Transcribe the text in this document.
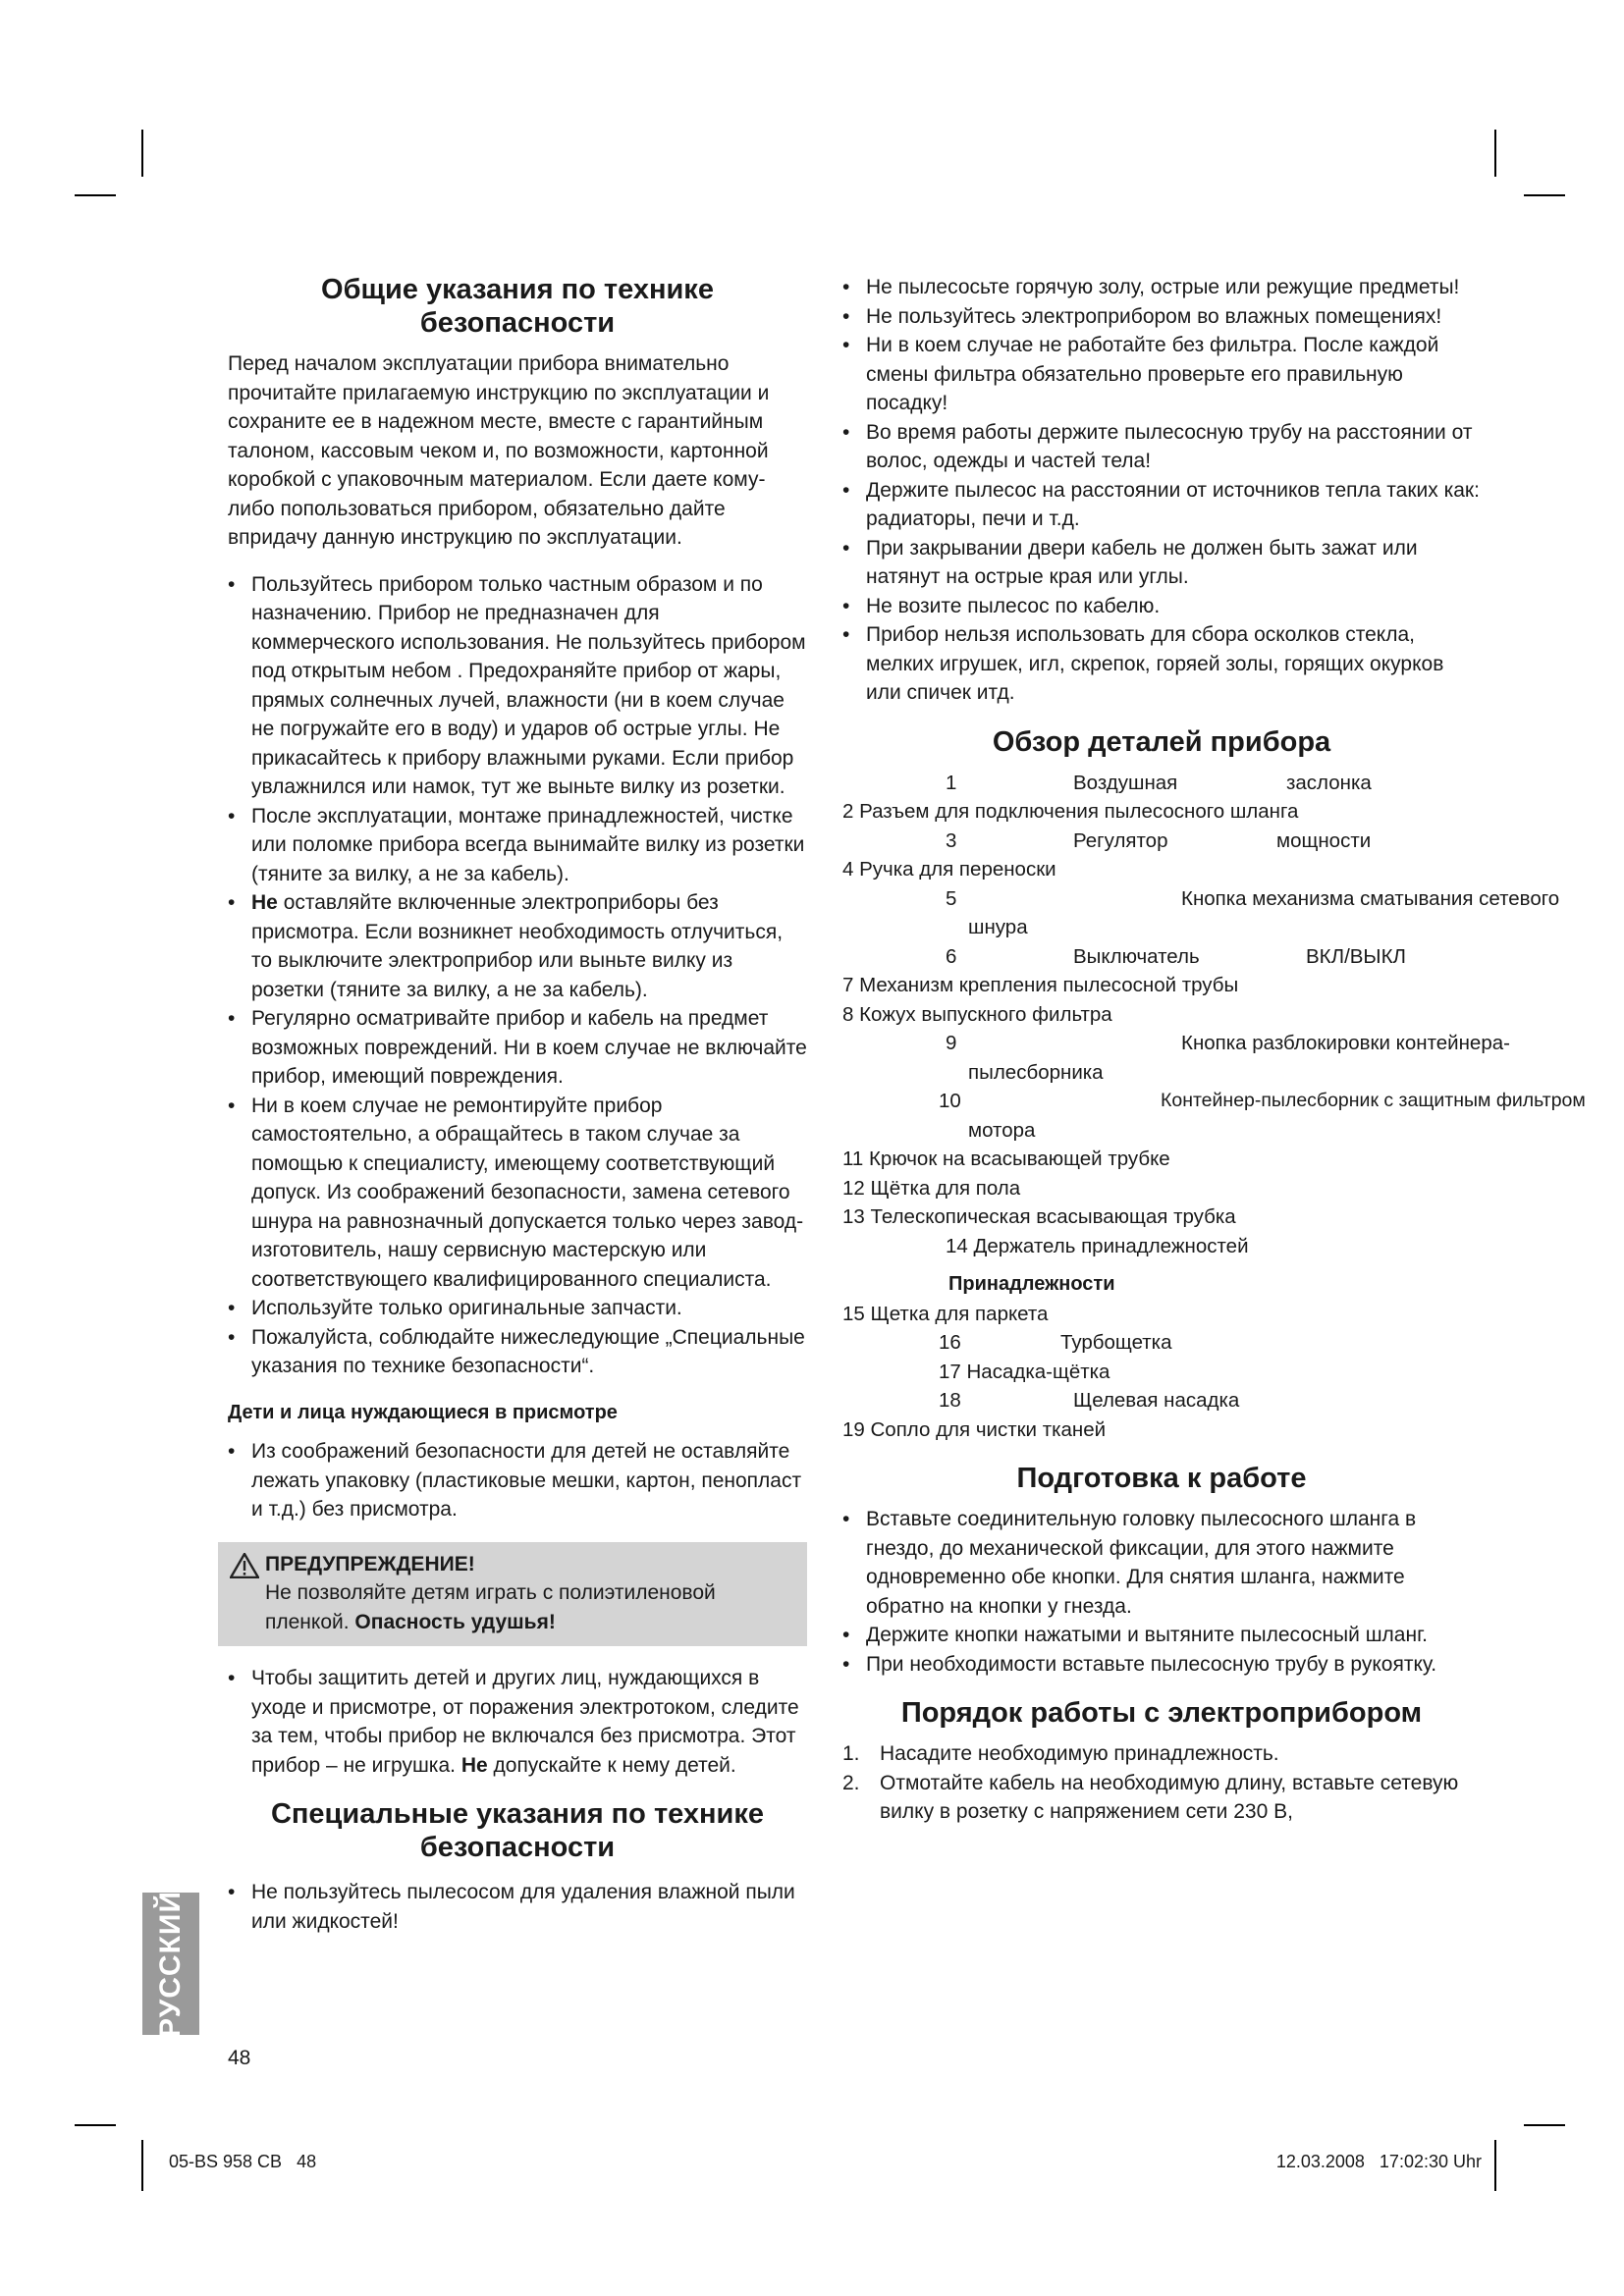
Общие указания по технике безопасности

Перед началом эксплуатации прибора внимательно прочитайте прилагаемую инструкцию по эксплуатации и сохраните ее в надежном месте, вместе с гарантийным талоном, кассовым чеком и, по возможности, картонной коробкой с упаковочным материалом. Если даете кому-либо попользоваться прибором, обязательно дайте впридачу данную инструкцию по эксплуатации.

• Пользуйтесь прибором только частным образом и по назначению. Прибор не предназначен для коммерческого использования. Не пользуйтесь прибором под открытым небом . Предохраняйте прибор от жары, прямых солнечных лучей, влажности (ни в коем случае не погружайте его в воду) и ударов об острые углы. Не прикасайтесь к прибору влажными руками. Если прибор увлажнился или намок, тут же выньте вилку из розетки.
• После эксплуатации, монтаже принадлежностей, чистке или поломке прибора всегда вынимайте вилку из розетки (тяните за вилку, а не за кабель).
• Не оставляйте включенные электроприборы без присмотра. Если возникнет необходимость отлучиться, то выключите электроприбор или выньте вилку из розетки (тяните за вилку, а не за кабель).
• Регулярно осматривайте прибор и кабель на предмет возможных повреждений. Ни в коем случае не включайте прибор, имеющий повреждения.
• Ни в коем случае не ремонтируйте прибор самостоятельно, а обращайтесь в таком случае за помощью к специалисту, имеющему соответствующий допуск. Из соображений безопасности, замена сетевого шнура на равнозначный допускается только через завод-изготовитель, нашу сервисную мастерскую или соответствующего квалифицированного специалиста.
• Используйте только оригинальные запчасти.
• Пожалуйста, соблюдайте нижеследующие „Специальные указания по технике безопасности“.
Дети и лица нуждающиеся в присмотре
• Из соображений безопасности для детей не оставляйте лежать упаковку (пластиковые мешки, картон, пенопласт и т.д.) без присмотра.
ПРЕДУПРЕЖДЕНИЕ!

Не позволяйте детям играть с полиэтиленовой пленкой. Опасность удушья!

• Чтобы защитить детей и других лиц, нуждающихся в уходе и присмотре, от поражения электротоком, следите за тем, чтобы прибор не включался без присмотра. Этот прибор – не игрушка. Не допускайте к нему детей.
Специальные указания по технике
безопасности
• Не пользуйтесь пылесосом для удаления влажной пыли или жидкостей!
• Не пылесосьте горячую золу, острые или режущие предметы!
• Не пользуйтесь электроприбором во влажных помещениях!
• Ни в коем случае не работайте без фильтра. После каждой смены фильтра обязательно проверьте его правильную посадку!
• Во время работы держите пылесосную трубу на расстоянии от волос, одежды и частей тела!
• Держите пылесос на расстоянии от источников тепла таких как: радиаторы, печи и т.д.
• При закрывании двери кабель не должен быть зажат или натянут на острые края или углы.
• Не возите пылесос по кабелю.
• Прибор нельзя использовать для сбора осколков стекла, мелких игрушек, игл, скрепок, горяей золы, горящих окурков или спичек итд.
Обзор деталей прибора
1	Воздушная	заслонка

2 Разъем для подключения пылесосного шланга

3	Регулятор	мощности

4 Ручка для переноски

5	Кнопка механизма сматывания сетевого

шнура

6	Выключатель	ВКЛ/ВЫКЛ

7 Механизм крепления пылесосной трубы

8 Кожух выпускного фильтра

9	Кнопка разблокировки контейнера-

пылесборника

10	Контейнер-пылесборник с защитным фильтром

мотора

11 Крючок на всасывающей трубке

12 Щётка для пола

13 Телескопическая всасывающая трубка

14 Держатель принадлежностей

Принадлежности

15 Щетка для паркета

16	Турбощетка

17 Насадка-щётка

18	Щелевая насадка

19 Сопло для чистки тканей

Подготовка к работе
• Вставьте соединительную головку пылесосного шланга в гнездо, до механической фиксации, для этого нажмите одновременно обе кнопки. Для снятия шланга, нажмите обратно на кнопки у гнезда.
• Держите кнопки нажатыми и вытяните пылесосный шланг.
• При необходимости вставьте пылесосную трубу в рукоятку.
Порядок работы с электроприбором
1. Насадите необходимую принадлежность.
2. Отмотайте кабель на необходимую длину, вставьте сетевую вилку в розетку с напряжением сети 230 В,
РУССКИЙ
48
05-BS 958 CB   48	12.03.2008   17:02:30 Uhr
